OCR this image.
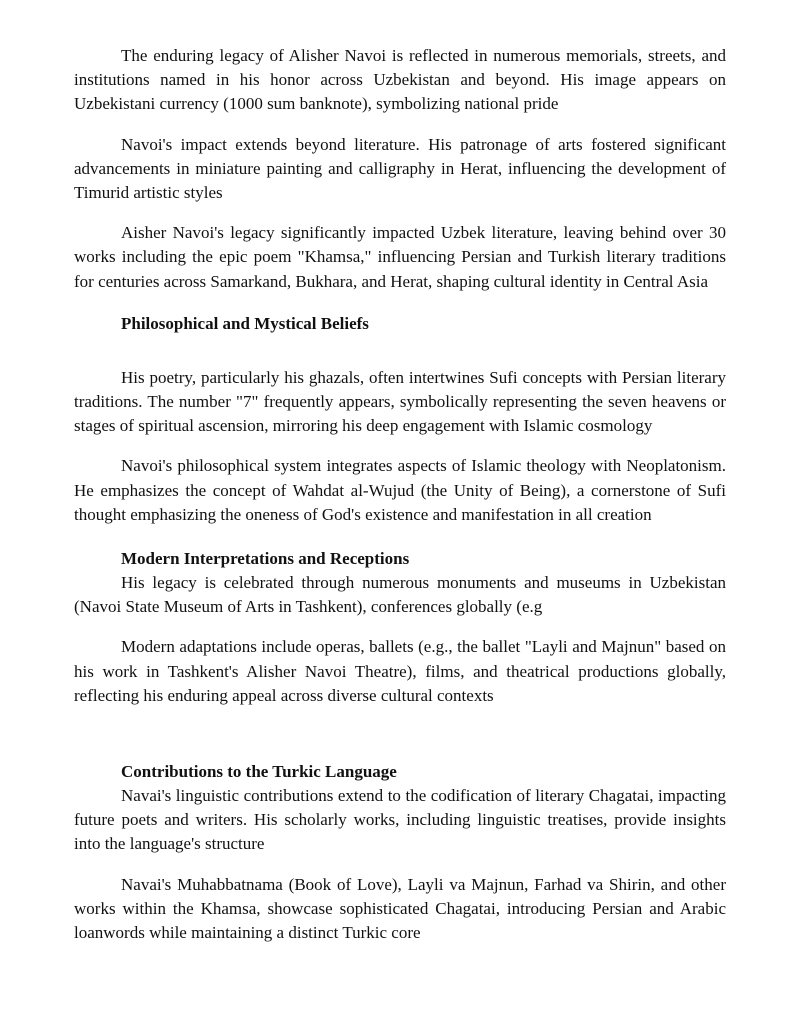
The enduring legacy of Alisher Navoi is reflected in numerous memorials, streets, and institutions named in his honor across Uzbekistan and beyond. His image appears on Uzbekistani currency (1000 sum banknote), symbolizing national pride

Navoi's impact extends beyond literature. His patronage of arts fostered significant advancements in miniature painting and calligraphy in Herat, influencing the development of Timurid artistic styles

Aisher Navoi's legacy significantly impacted Uzbek literature, leaving behind over 30 works including the epic poem "Khamsa," influencing Persian and Turkish literary traditions for centuries across Samarkand, Bukhara, and Herat, shaping cultural identity in Central Asia

Philosophical and Mystical Beliefs

His poetry, particularly his ghazals, often intertwines Sufi concepts with Persian literary traditions. The number "7" frequently appears, symbolically representing the seven heavens or stages of spiritual ascension, mirroring his deep engagement with Islamic cosmology

Navoi's philosophical system integrates aspects of Islamic theology with Neoplatonism. He emphasizes the concept of Wahdat al-Wujud (the Unity of Being), a cornerstone of Sufi thought emphasizing the oneness of God's existence and manifestation in all creation

Modern Interpretations and Receptions

His legacy is celebrated through numerous monuments and museums in Uzbekistan (Navoi State Museum of Arts in Tashkent), conferences globally (e.g

Modern adaptations include operas, ballets (e.g., the ballet "Layli and Majnun" based on his work in Tashkent's Alisher Navoi Theatre), films, and theatrical productions globally, reflecting his enduring appeal across diverse cultural contexts

Contributions to the Turkic Language

Navai's linguistic contributions extend to the codification of literary Chagatai, impacting future poets and writers. His scholarly works, including linguistic treatises, provide insights into the language's structure

Navai's Muhabbatnama (Book of Love), Layli va Majnun, Farhad va Shirin, and other works within the Khamsa, showcase sophisticated Chagatai, introducing Persian and Arabic loanwords while maintaining a distinct Turkic core
